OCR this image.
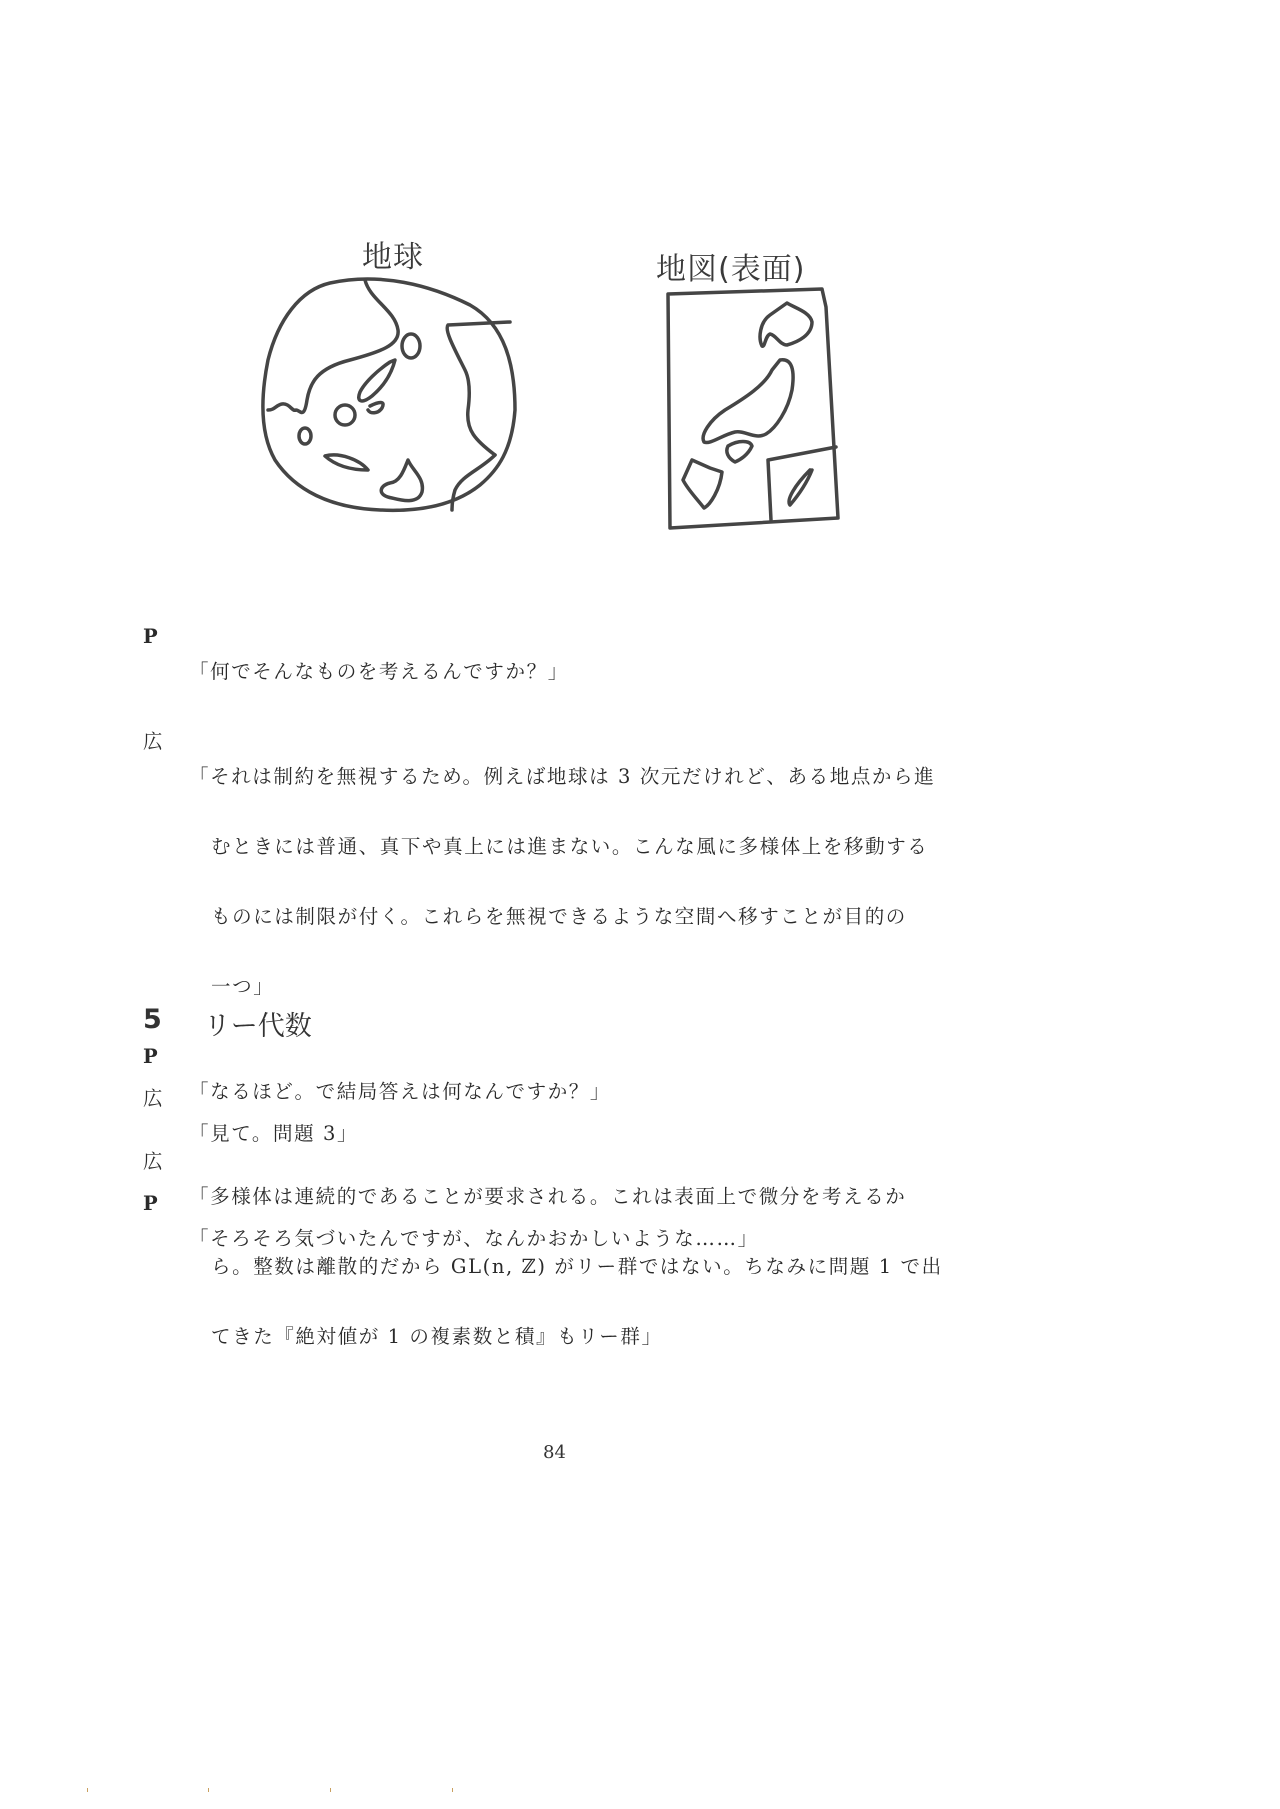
地球	地図(表面)
P

「何でそんなものを考えるんですか？」

広

「それは制約を無視するため。例えば地球は 3 次元だけれど、ある地点から進

むときには普通、真下や真上には進まない。こんな風に多様体上を移動する

ものには制限が付く。これらを無視できるような空間へ移すことが目的の

一つ」

P

「なるほど。で結局答えは何なんですか？」

広

「多様体は連続的であることが要求される。これは表面上で微分を考えるか

ら。整数は離散的だから GL(n, ℤ) がリー群ではない。ちなみに問題 1 で出

てきた『絶対値が 1 の複素数と積』もリー群」

5 リー代数
広

「見て。問題 3」

P

「そろそろ気づいたんですが、なんかおかしいような……」

84
